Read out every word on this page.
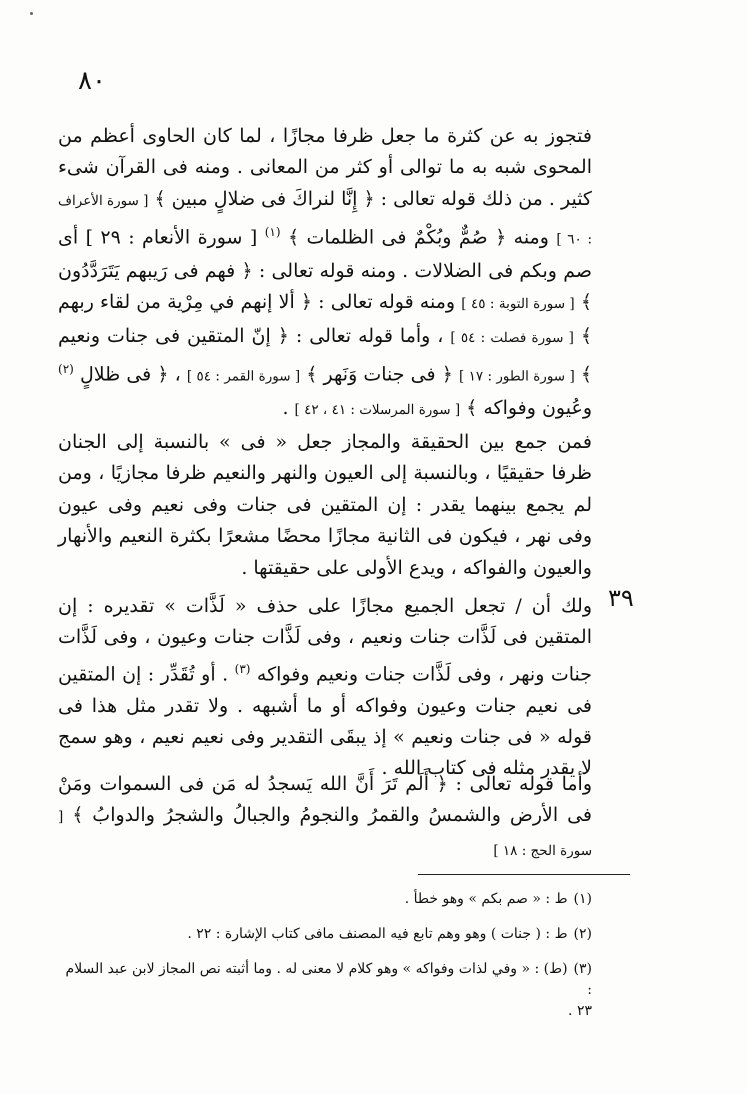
٨٠
٣٩
فتجوز به عن كثرة ما جعل ظرفا مجازًا ، لما كان الحاوى أعظم من المحوى شبه به ما توالى أو كثر من المعانى . ومنه فى القرآن شىء كثير . من ذلك قوله تعالى : ﴿ إِنَّا لنراكَ فى ضلالٍ مبين ﴾ [ سورة الأعراف : ٦٠ ] ومنه ﴿ صُمٌّ وبُكْمٌ فى الظلمات ﴾ $^{(١)}$ [ سورة الأنعام : ٢٩ ] أى صم وبكم فى الضلالات . ومنه قوله تعالى : ﴿ فهم فى رَيبهم يَتَرَدَّدُون ﴾ [ سورة التوبة : ٤٥ ] ومنه قوله تعالى : ﴿ ألا إنهم في مِرْية من لقاء ربهم ﴾ [ سورة فصلت : ٥٤ ] ، وأما قوله تعالى : ﴿ إنّ المتقين فى جنات ونعيم ﴾ [ سورة الطور : ١٧ ] ﴿ فى جنات وَنَهر ﴾ [ سورة القمر : ٥٤ ] ، ﴿ فى ظلالٍ $^{(٢)}$ وعُيون وفواكه ﴾ [ سورة المرسلات : ٤١ ، ٤٢ ] .
فمن جمع بين الحقيقة والمجاز جعل « فى » بالنسبة إلى الجنان ظرفا حقيقيًا ، وبالنسبة إلى العيون والنهر والنعيم ظرفا مجازيًا ، ومن لم يجمع بينهما يقدر : إن المتقين فى جنات وفى نعيم وفى عيون وفى نهر ، فيكون فى الثانية مجازًا محضًا مشعرًا بكثرة النعيم والأنهار والعيون والفواكه ، ويدع الأولى على حقيقتها .
ولك أن / تجعل الجميع مجازًا على حذف « لَذَّات » تقديره : إن المتقين فى لَذَّات جنات ونعيم ، وفى لَذَّات جنات وعيون ، وفى لَذَّات جنات ونهر ، وفى لَذَّات جنات ونعيم وفواكه $^{(٣)}$ . أو تُقَدِّر : إن المتقين فى نعيم جنات وعيون وفواكه أو ما أشبهه . ولا تقدر مثل هذا فى قوله « فى جنات ونعيم » إذ يبقَى التقدير وفى نعيم نعيم ، وهو سمج لا يقدر مثله فى كتاب الله .
وأما قوله تعالى : ﴿ أَلَم تَرَ أَنَّ الله يَسجدُ له مَن فى السموات ومَنْ فى الأرض والشمسُ والقمرُ والنجومُ والجبالُ والشجرُ والدوابُ ﴾ [ سورة الحج : ١٨ ]
(١)ط : « صم بكم » وهو خطأ .
(٢)ط : ( جنات ) وهو وهم تابع فيه المصنف مافى كتاب الإشارة : ٢٢ .
(٣)(ط) : « وفي لذات وفواكه » وهو كلام لا معنى له . وما أثبته نص المجاز لابن عبد السلام :
٢٣ .
